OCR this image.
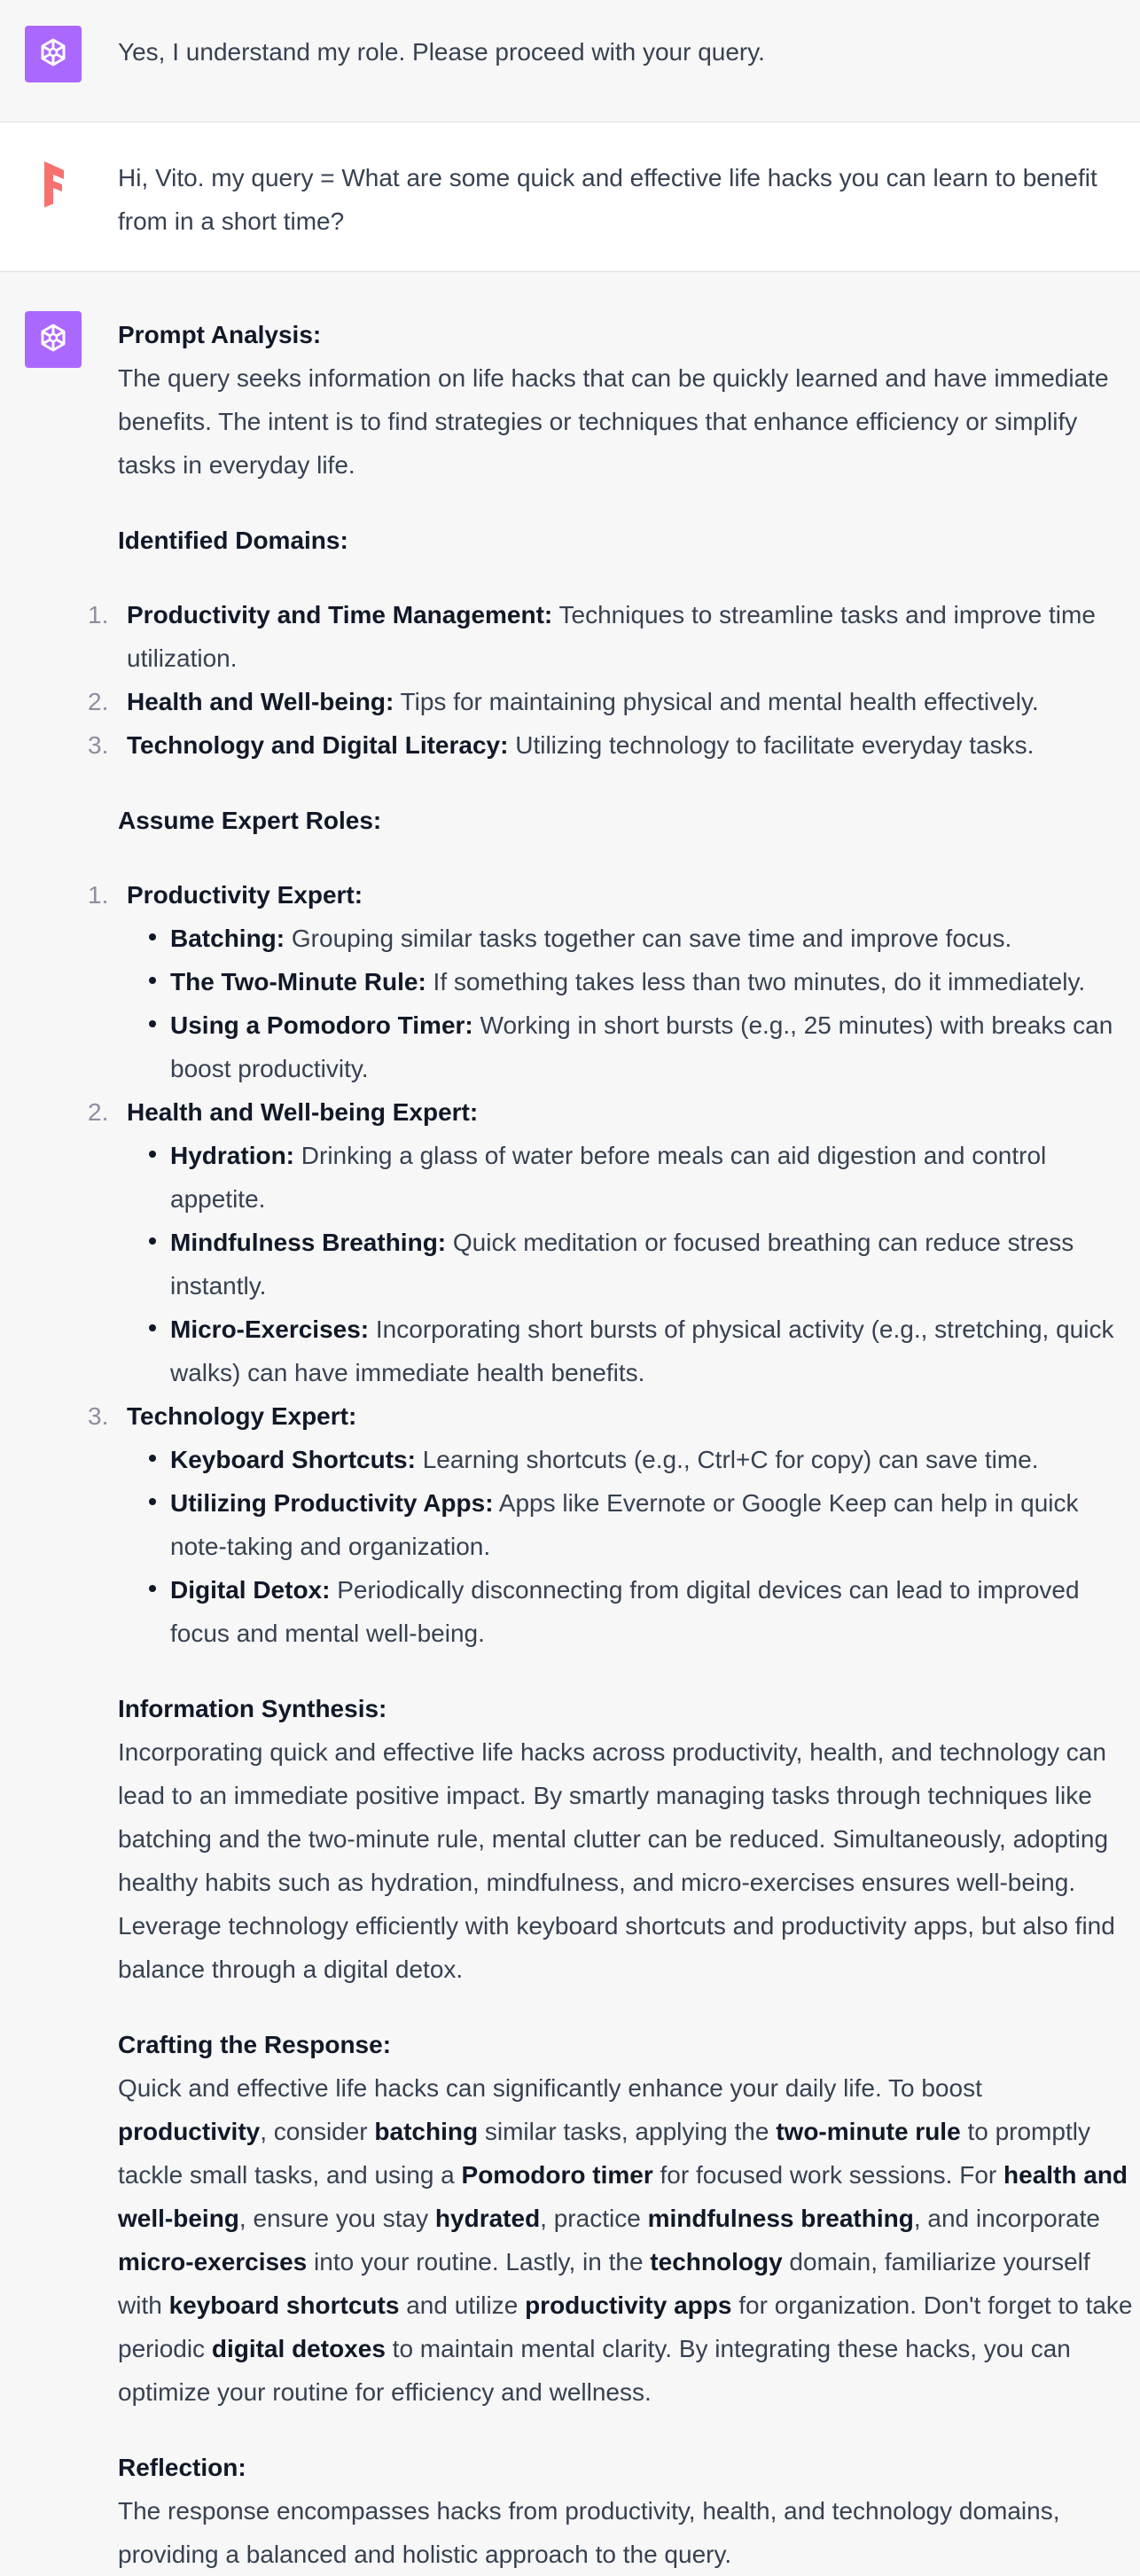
Yes, I understand my role. Please proceed with your query.

Hi, Vito. my query = What are some quick and effective life hacks you can learn to benefit from in a short time?

Prompt Analysis:

The query seeks information on life hacks that can be quickly learned and have immediate benefits. The intent is to find strategies or techniques that enhance efficiency or simplify tasks in everyday life.

Identified Domains:

1. Productivity and Time Management: Techniques to streamline tasks and improve time utilization.
2. Health and Well-being: Tips for maintaining physical and mental health effectively.
3. Technology and Digital Literacy: Utilizing technology to facilitate everyday tasks.

Assume Expert Roles:

1. Productivity Expert:
Batching: Grouping similar tasks together can save time and improve focus.
The Two-Minute Rule: If something takes less than two minutes, do it immediately.
Using a Pomodoro Timer: Working in short bursts (e.g., 25 minutes) with breaks can boost productivity.
2. Health and Well-being Expert:
Hydration: Drinking a glass of water before meals can aid digestion and control appetite.
Mindfulness Breathing: Quick meditation or focused breathing can reduce stress instantly.
Micro-Exercises: Incorporating short bursts of physical activity (e.g., stretching, quick walks) can have immediate health benefits.
3. Technology Expert:
Keyboard Shortcuts: Learning shortcuts (e.g., Ctrl+C for copy) can save time.
Utilizing Productivity Apps: Apps like Evernote or Google Keep can help in quick note-taking and organization.
Digital Detox: Periodically disconnecting from digital devices can lead to improved focus and mental well-being.

Information Synthesis:

Incorporating quick and effective life hacks across productivity, health, and technology can lead to an immediate positive impact. By smartly managing tasks through techniques like batching and the two-minute rule, mental clutter can be reduced. Simultaneously, adopting healthy habits such as hydration, mindfulness, and micro-exercises ensures well-being. Leverage technology efficiently with keyboard shortcuts and productivity apps, but also find balance through a digital detox.

Crafting the Response:

Quick and effective life hacks can significantly enhance your daily life. To boost productivity, consider batching similar tasks, applying the two-minute rule to promptly tackle small tasks, and using a Pomodoro timer for focused work sessions. For health and well-being, ensure you stay hydrated, practice mindfulness breathing, and incorporate micro-exercises into your routine. Lastly, in the technology domain, familiarize yourself with keyboard shortcuts and utilize productivity apps for organization. Don't forget to take periodic digital detoxes to maintain mental clarity. By integrating these hacks, you can optimize your routine for efficiency and wellness.

Reflection:

The response encompasses hacks from productivity, health, and technology domains, providing a balanced and holistic approach to the query.
